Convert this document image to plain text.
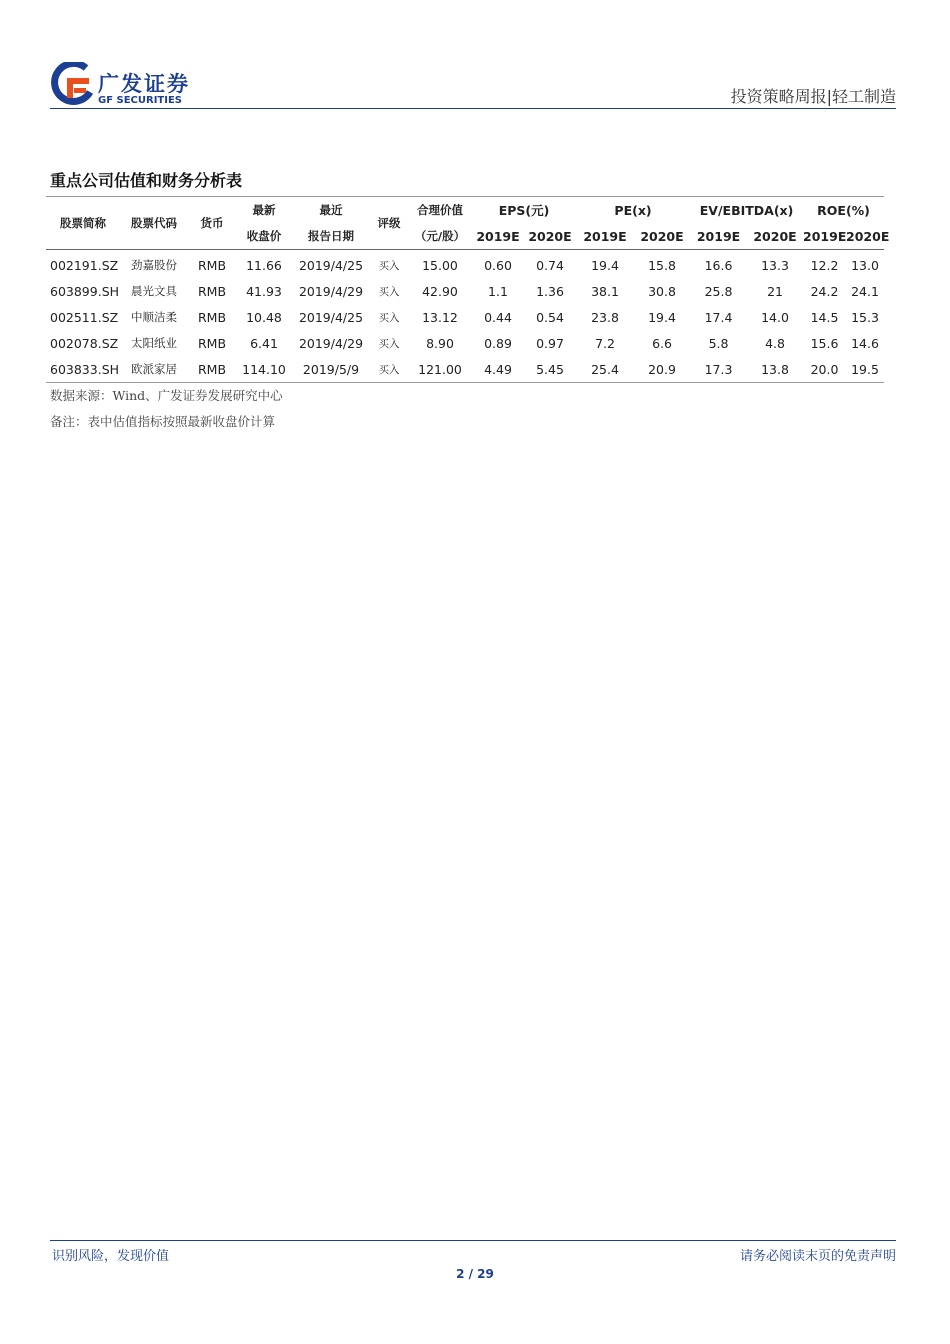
广发证券
GF SECURITIES	投资策略周报|轻工制造
重点公司估值和财务分析表
股票简称	股票代码	货币	最新	最近	评级	合理价值	EPS(元)		PE(x)		EV/EBITDA(x)		ROE(%)	
			收盘价	报告日期		（元/股）	2019E	2020E	2019E	2020E	2019E	2020E	2019E	2020E
002191.SZ	劲嘉股份	RMB	11.66	2019/4/25	买入	15.00	0.60	0.74	19.4	15.8	16.6	13.3	12.2	13.0
603899.SH	晨光文具	RMB	41.93	2019/4/29	买入	42.90	1.1	1.36	38.1	30.8	25.8	21	24.2	24.1
002511.SZ	中顺洁柔	RMB	10.48	2019/4/25	买入	13.12	0.44	0.54	23.8	19.4	17.4	14.0	14.5	15.3
002078.SZ	太阳纸业	RMB	6.41	2019/4/29	买入	8.90	0.89	0.97	7.2	6.6	5.8	4.8	15.6	14.6
603833.SH	欧派家居	RMB	114.10	2019/5/9	买入	121.00	4.49	5.45	25.4	20.9	17.3	13.8	20.0	19.5
数据来源：Wind、广发证券发展研究中心
备注：表中估值指标按照最新收盘价计算
识别风险，发现价值	请务必阅读末页的免责声明
2 / 29
